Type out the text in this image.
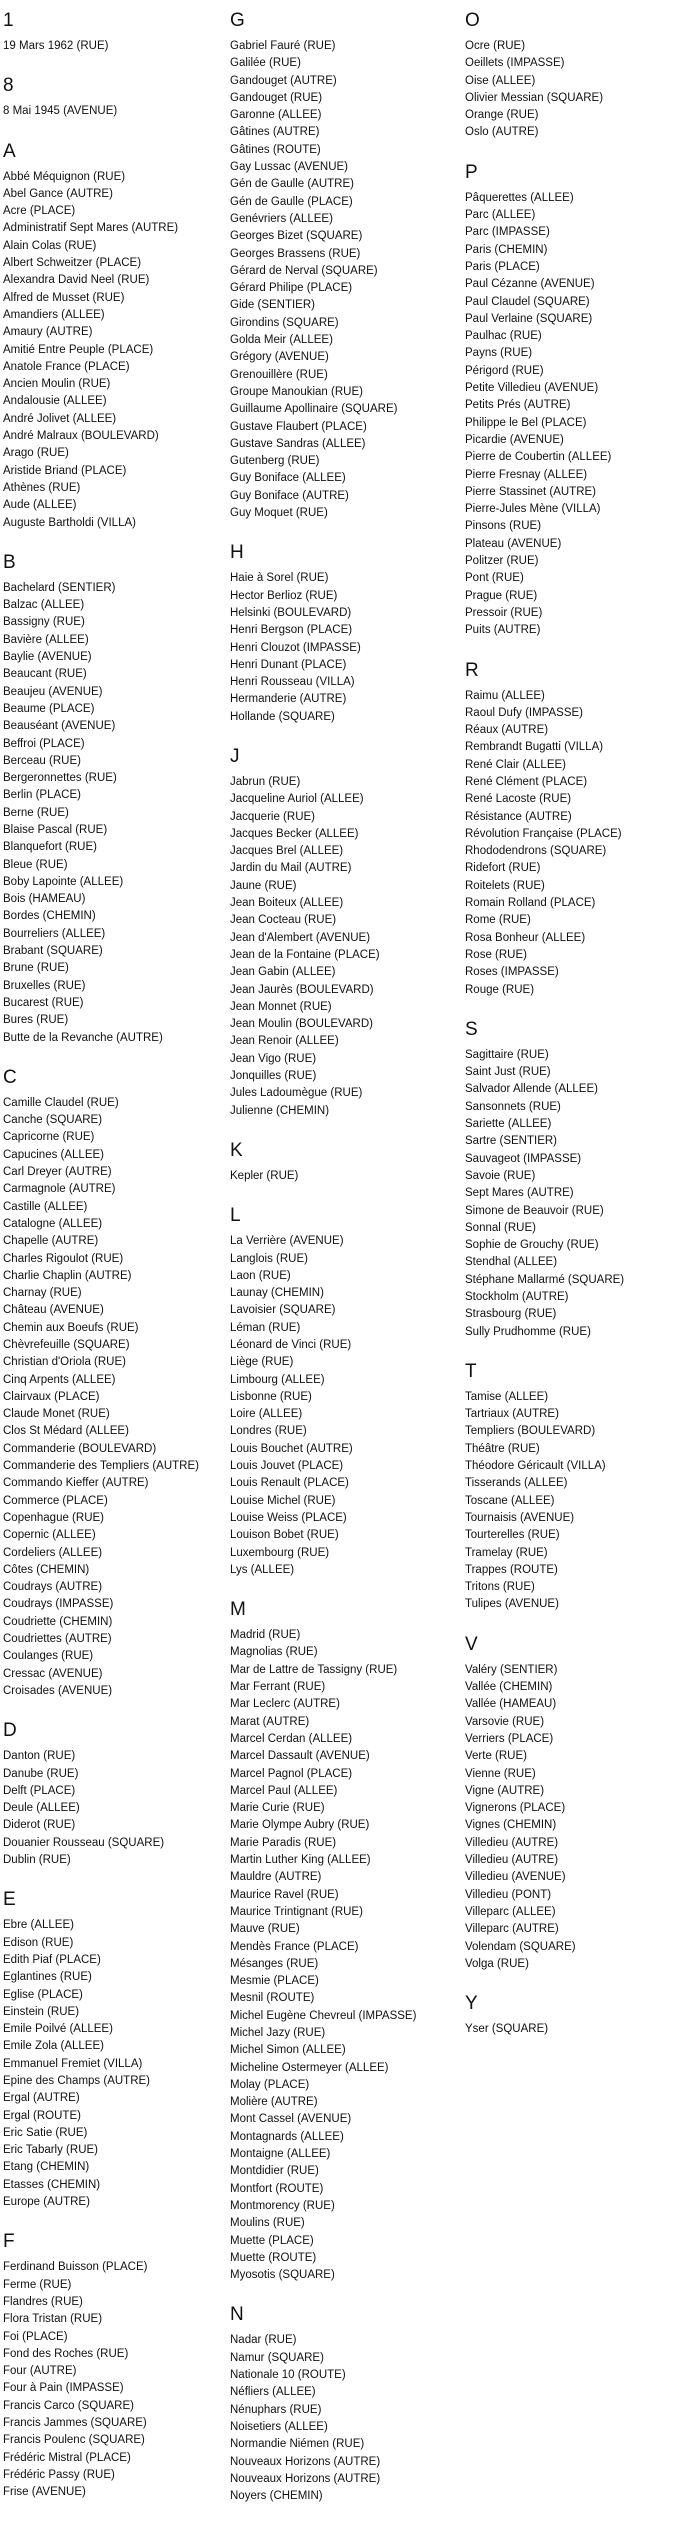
1
19 Mars 1962 (RUE)
8
8 Mai 1945 (AVENUE)
A
Abbé Méquignon (RUE)
Abel Gance (AUTRE)
Acre (PLACE)
Administratif Sept Mares (AUTRE)
Alain Colas (RUE)
Albert Schweitzer (PLACE)
Alexandra David Neel (RUE)
Alfred de Musset (RUE)
Amandiers (ALLEE)
Amaury (AUTRE)
Amitié Entre Peuple (PLACE)
Anatole France (PLACE)
Ancien Moulin (RUE)
Andalousie (ALLEE)
André Jolivet (ALLEE)
André Malraux (BOULEVARD)
Arago (RUE)
Aristide Briand (PLACE)
Athènes (RUE)
Aude (ALLEE)
Auguste Bartholdi (VILLA)
B
Bachelard (SENTIER)
Balzac (ALLEE)
Bassigny (RUE)
Bavière (ALLEE)
Baylie (AVENUE)
Beaucant (RUE)
Beaujeu (AVENUE)
Beaume (PLACE)
Beauséant (AVENUE)
Beffroi (PLACE)
Berceau (RUE)
Bergeronnettes (RUE)
Berlin (PLACE)
Berne (RUE)
Blaise Pascal (RUE)
Blanquefort (RUE)
Bleue (RUE)
Boby Lapointe (ALLEE)
Bois (HAMEAU)
Bordes (CHEMIN)
Bourreliers (ALLEE)
Brabant (SQUARE)
Brune (RUE)
Bruxelles (RUE)
Bucarest (RUE)
Bures (RUE)
Butte de la Revanche (AUTRE)
C
Camille Claudel (RUE)
Canche (SQUARE)
Capricorne (RUE)
Capucines (ALLEE)
Carl Dreyer (AUTRE)
Carmagnole (AUTRE)
Castille (ALLEE)
Catalogne (ALLEE)
Chapelle (AUTRE)
Charles Rigoulot (RUE)
Charlie Chaplin (AUTRE)
Charnay (RUE)
Château (AVENUE)
Chemin aux Boeufs (RUE)
Chèvrefeuille (SQUARE)
Christian d'Oriola (RUE)
Cinq Arpents (ALLEE)
Clairvaux (PLACE)
Claude Monet (RUE)
Clos St Médard (ALLEE)
Commanderie (BOULEVARD)
Commanderie des Templiers (AUTRE)
Commando Kieffer (AUTRE)
Commerce (PLACE)
Copenhague (RUE)
Copernic (ALLEE)
Cordeliers (ALLEE)
Côtes (CHEMIN)
Coudrays (AUTRE)
Coudrays (IMPASSE)
Coudriette (CHEMIN)
Coudriettes (AUTRE)
Coulanges (RUE)
Cressac (AVENUE)
Croisades (AVENUE)
D
Danton (RUE)
Danube (RUE)
Delft (PLACE)
Deule (ALLEE)
Diderot (RUE)
Douanier Rousseau (SQUARE)
Dublin (RUE)
E
Ebre (ALLEE)
Edison (RUE)
Edith Piaf (PLACE)
Eglantines (RUE)
Eglise (PLACE)
Einstein (RUE)
Emile Poilvé (ALLEE)
Emile Zola (ALLEE)
Emmanuel Fremiet (VILLA)
Epine des Champs (AUTRE)
Ergal (AUTRE)
Ergal (ROUTE)
Eric Satie (RUE)
Eric Tabarly (RUE)
Etang (CHEMIN)
Etasses (CHEMIN)
Europe (AUTRE)
F
Ferdinand Buisson (PLACE)
Ferme (RUE)
Flandres (RUE)
Flora Tristan (RUE)
Foi (PLACE)
Fond des Roches (RUE)
Four (AUTRE)
Four à Pain (IMPASSE)
Francis Carco (SQUARE)
Francis Jammes (SQUARE)
Francis Poulenc (SQUARE)
Frédéric Mistral (PLACE)
Frédéric Passy (RUE)
Frise (AVENUE)
G
Gabriel Fauré (RUE)
Galilée (RUE)
Gandouget (AUTRE)
Gandouget (RUE)
Garonne (ALLEE)
Gâtines (AUTRE)
Gâtines (ROUTE)
Gay Lussac (AVENUE)
Gén de Gaulle (AUTRE)
Gén de Gaulle (PLACE)
Genévriers (ALLEE)
Georges Bizet (SQUARE)
Georges Brassens (RUE)
Gérard de Nerval (SQUARE)
Gérard Philipe (PLACE)
Gide (SENTIER)
Girondins (SQUARE)
Golda Meir (ALLEE)
Grégory (AVENUE)
Grenouillère (RUE)
Groupe Manoukian (RUE)
Guillaume Apollinaire (SQUARE)
Gustave Flaubert (PLACE)
Gustave Sandras (ALLEE)
Gutenberg (RUE)
Guy Boniface (ALLEE)
Guy Boniface (AUTRE)
Guy Moquet (RUE)
H
Haie à Sorel (RUE)
Hector Berlioz (RUE)
Helsinki (BOULEVARD)
Henri Bergson (PLACE)
Henri Clouzot (IMPASSE)
Henri Dunant (PLACE)
Henri Rousseau (VILLA)
Hermanderie (AUTRE)
Hollande (SQUARE)
J
Jabrun (RUE)
Jacqueline Auriol (ALLEE)
Jacquerie (RUE)
Jacques Becker (ALLEE)
Jacques Brel (ALLEE)
Jardin du Mail (AUTRE)
Jaune (RUE)
Jean Boiteux (ALLEE)
Jean Cocteau (RUE)
Jean d'Alembert (AVENUE)
Jean de la Fontaine (PLACE)
Jean Gabin (ALLEE)
Jean Jaurès (BOULEVARD)
Jean Monnet (RUE)
Jean Moulin (BOULEVARD)
Jean Renoir (ALLEE)
Jean Vigo (RUE)
Jonquilles (RUE)
Jules Ladoumègue (RUE)
Julienne (CHEMIN)
K
Kepler (RUE)
L
La Verrière (AVENUE)
Langlois (RUE)
Laon (RUE)
Launay (CHEMIN)
Lavoisier (SQUARE)
Léman (RUE)
Léonard de Vinci (RUE)
Liège (RUE)
Limbourg (ALLEE)
Lisbonne (RUE)
Loire (ALLEE)
Londres (RUE)
Louis Bouchet (AUTRE)
Louis Jouvet (PLACE)
Louis Renault (PLACE)
Louise Michel (RUE)
Louise Weiss (PLACE)
Louison Bobet (RUE)
Luxembourg (RUE)
Lys (ALLEE)
M
Madrid (RUE)
Magnolias (RUE)
Mar de Lattre de Tassigny (RUE)
Mar Ferrant (RUE)
Mar Leclerc (AUTRE)
Marat (AUTRE)
Marcel Cerdan (ALLEE)
Marcel Dassault (AVENUE)
Marcel Pagnol (PLACE)
Marcel Paul (ALLEE)
Marie Curie (RUE)
Marie Olympe Aubry (RUE)
Marie Paradis (RUE)
Martin Luther King (ALLEE)
Mauldre (AUTRE)
Maurice Ravel (RUE)
Maurice Trintignant (RUE)
Mauve (RUE)
Mendès France (PLACE)
Mésanges (RUE)
Mesmie (PLACE)
Mesnil (ROUTE)
Michel Eugène Chevreul (IMPASSE)
Michel Jazy (RUE)
Michel Simon (ALLEE)
Micheline Ostermeyer (ALLEE)
Molay (PLACE)
Molière (AUTRE)
Mont Cassel (AVENUE)
Montagnards (ALLEE)
Montaigne (ALLEE)
Montdidier (RUE)
Montfort (ROUTE)
Montmorency (RUE)
Moulins (RUE)
Muette (PLACE)
Muette (ROUTE)
Myosotis (SQUARE)
N
Nadar (RUE)
Namur (SQUARE)
Nationale 10 (ROUTE)
Néfliers (ALLEE)
Nénuphars (RUE)
Noisetiers (ALLEE)
Normandie Niémen (RUE)
Nouveaux Horizons (AUTRE)
Nouveaux Horizons (AUTRE)
Noyers (CHEMIN)
O
Ocre (RUE)
Oeillets (IMPASSE)
Oise (ALLEE)
Olivier Messian (SQUARE)
Orange (RUE)
Oslo (AUTRE)
P
Pâquerettes (ALLEE)
Parc (ALLEE)
Parc (IMPASSE)
Paris (CHEMIN)
Paris (PLACE)
Paul Cézanne (AVENUE)
Paul Claudel (SQUARE)
Paul Verlaine (SQUARE)
Paulhac (RUE)
Payns (RUE)
Périgord (RUE)
Petite Villedieu (AVENUE)
Petits Prés (AUTRE)
Philippe le Bel (PLACE)
Picardie (AVENUE)
Pierre de Coubertin (ALLEE)
Pierre Fresnay (ALLEE)
Pierre Stassinet (AUTRE)
Pierre-Jules Mène (VILLA)
Pinsons (RUE)
Plateau (AVENUE)
Politzer (RUE)
Pont (RUE)
Prague (RUE)
Pressoir (RUE)
Puits (AUTRE)
R
Raimu (ALLEE)
Raoul Dufy (IMPASSE)
Réaux (AUTRE)
Rembrandt Bugatti (VILLA)
René Clair (ALLEE)
René Clément (PLACE)
René Lacoste (RUE)
Résistance (AUTRE)
Révolution Française (PLACE)
Rhododendrons (SQUARE)
Ridefort (RUE)
Roitelets (RUE)
Romain Rolland (PLACE)
Rome (RUE)
Rosa Bonheur (ALLEE)
Rose (RUE)
Roses (IMPASSE)
Rouge (RUE)
S
Sagittaire (RUE)
Saint Just (RUE)
Salvador Allende (ALLEE)
Sansonnets (RUE)
Sariette (ALLEE)
Sartre (SENTIER)
Sauvageot (IMPASSE)
Savoie (RUE)
Sept Mares (AUTRE)
Simone de Beauvoir (RUE)
Sonnal (RUE)
Sophie de Grouchy (RUE)
Stendhal (ALLEE)
Stéphane Mallarmé (SQUARE)
Stockholm (AUTRE)
Strasbourg (RUE)
Sully Prudhomme (RUE)
T
Tamise (ALLEE)
Tartriaux (AUTRE)
Templiers (BOULEVARD)
Théâtre (RUE)
Théodore Géricault (VILLA)
Tisserands (ALLEE)
Toscane (ALLEE)
Tournaisis (AVENUE)
Tourterelles (RUE)
Tramelay (RUE)
Trappes (ROUTE)
Tritons (RUE)
Tulipes (AVENUE)
V
Valéry (SENTIER)
Vallée (CHEMIN)
Vallée (HAMEAU)
Varsovie (RUE)
Verriers (PLACE)
Verte (RUE)
Vienne (RUE)
Vigne (AUTRE)
Vignerons (PLACE)
Vignes (CHEMIN)
Villedieu (AUTRE)
Villedieu (AUTRE)
Villedieu (AVENUE)
Villedieu (PONT)
Villeparc (ALLEE)
Villeparc (AUTRE)
Volendam (SQUARE)
Volga (RUE)
Y
Yser (SQUARE)
